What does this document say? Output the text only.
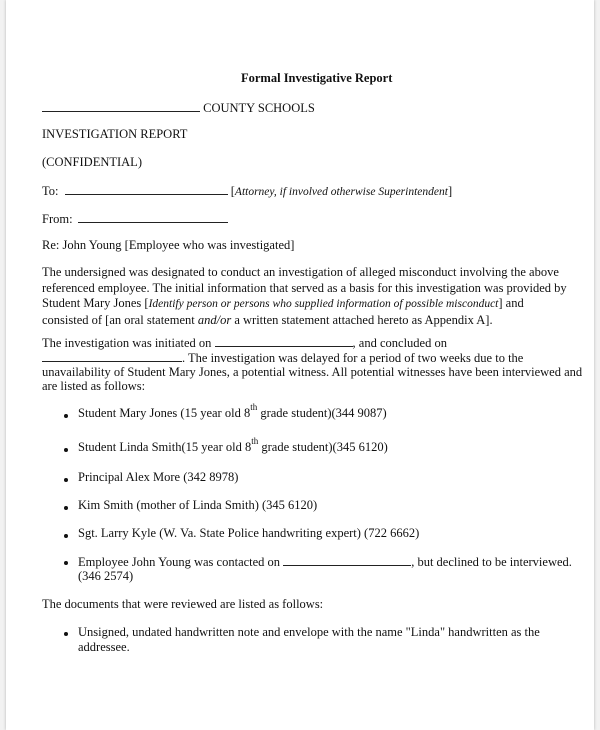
Formal Investigative Report
COUNTY SCHOOLS
INVESTIGATION REPORT
(CONFIDENTIAL)
To:	[Attorney, if involved otherwise Superintendent]
From:
Re: John Young [Employee who was investigated]
The undersigned was designated to conduct an investigation of alleged misconduct involving the above
referenced employee. The initial information that served as a basis for this investigation was provided by
Student Mary Jones [Identify person or persons who supplied information of possible misconduct] and
consisted of [an oral statement and/or a written statement attached hereto as Appendix A].
The investigation was initiated on	, and concluded on
. The investigation was delayed for a period of two weeks due to the
unavailability of Student Mary Jones, a potential witness. All potential witnesses have been interviewed and
are listed as follows:
Student Mary Jones (15 year old 8th grade student)(344 9087)
Student Linda Smith(15 year old 8th grade student)(345 6120)
Principal Alex More (342 8978)
Kim Smith (mother of Linda Smith) (345 6120)
Sgt. Larry Kyle (W. Va. State Police handwriting expert) (722 6662)
Employee John Young was contacted on	, but declined to be interviewed.
(346 2574)
The documents that were reviewed are listed as follows:
Unsigned, undated handwritten note and envelope with the name "Linda" handwritten as the
addressee.
